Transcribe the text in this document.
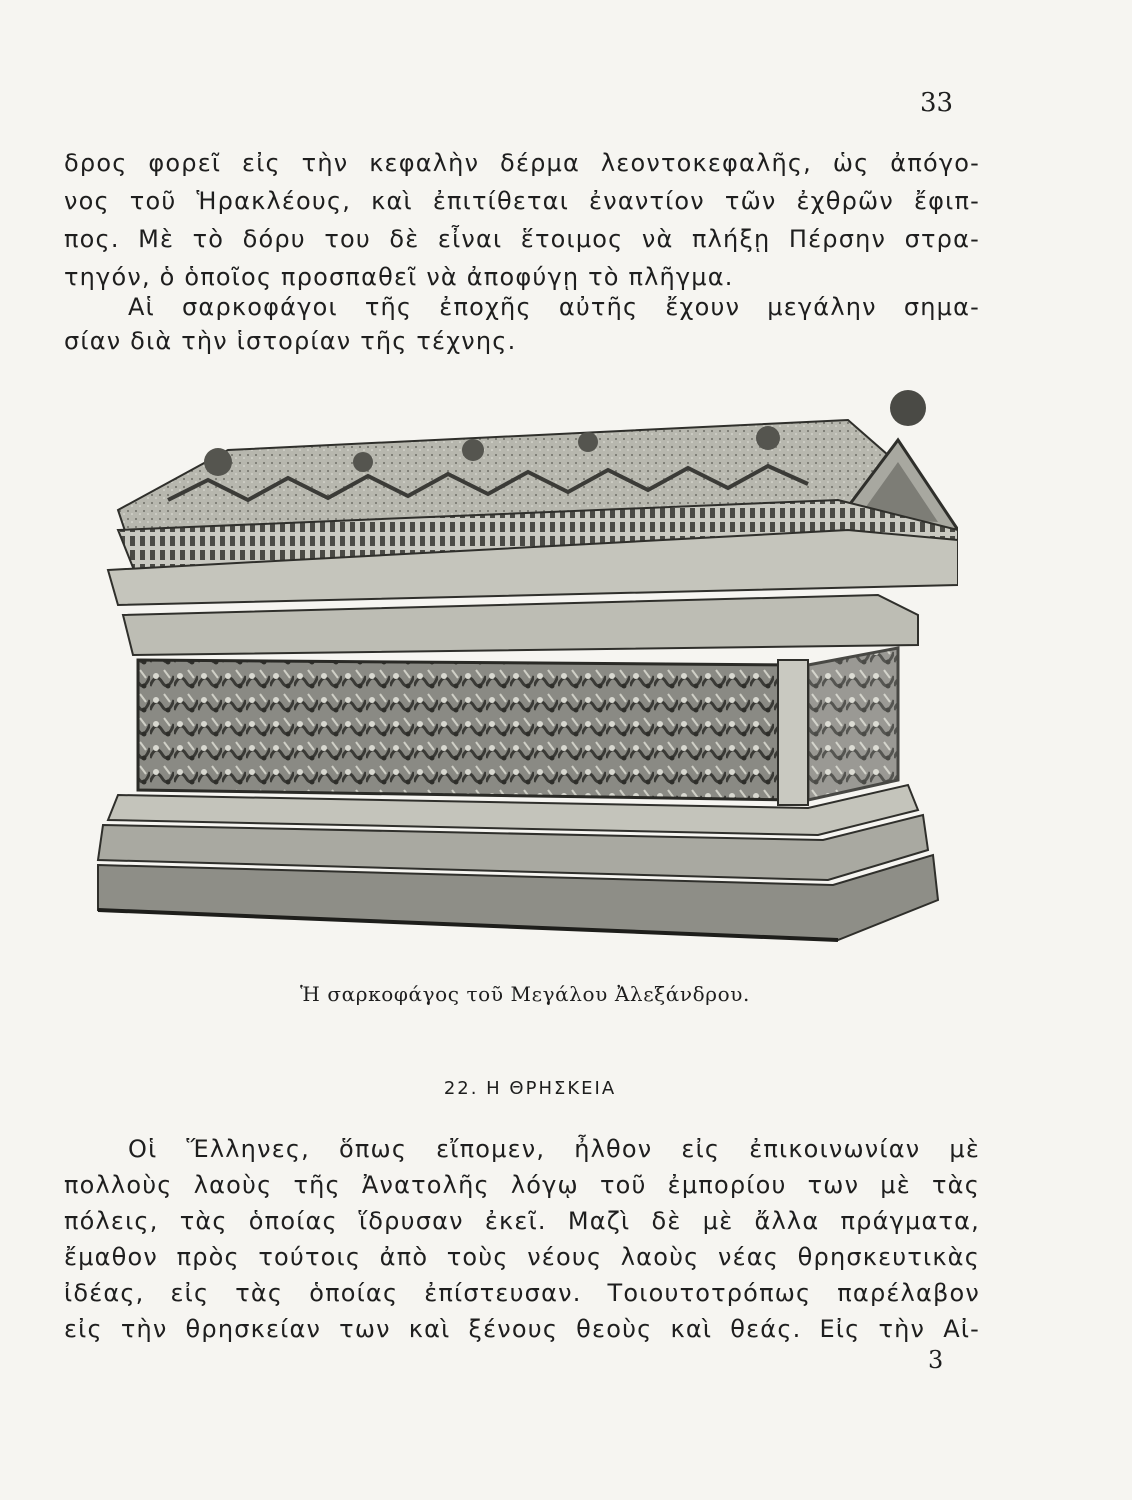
33
δρος φορεῖ εἰς τὴν κεφαλὴν δέρμα λεοντοκεφαλῆς, ὡς ἀπόγο-
νος τοῦ Ἡρακλέους, καὶ ἐπιτίθεται ἐναντίον τῶν ἐχθρῶν ἔφιπ-
πος. Μὲ τὸ δόρυ του δὲ εἶναι ἕτοιμος νὰ πλήξῃ Πέρσην στρα-
τηγόν, ὁ ὁποῖος προσπαθεῖ νὰ ἀποφύγῃ τὸ πλῆγμα.
Αἱ σαρκοφάγοι τῆς ἐποχῆς αὐτῆς ἔχουν μεγάλην σημα-
σίαν διὰ τὴν ἱστορίαν τῆς τέχνης.
Ἡ σαρκοφάγος τοῦ Μεγάλου Ἀλεξάνδρου.
22. Η ΘΡΗΣΚΕΙΑ
Οἱ Ἕλληνες, ὅπως εἴπομεν, ἦλθον εἰς ἐπικοινωνίαν μὲ
πολλοὺς λαοὺς τῆς Ἀνατολῆς λόγῳ τοῦ ἐμπορίου των μὲ τὰς
πόλεις, τὰς ὁποίας ἵδρυσαν ἐκεῖ. Μαζὶ δὲ μὲ ἄλλα πράγματα,
ἔμαθον πρὸς τούτοις ἀπὸ τοὺς νέους λαοὺς νέας θρησκευτικὰς
ἰδέας, εἰς τὰς ὁποίας ἐπίστευσαν. Τοιουτοτρόπως παρέλαβον
εἰς τὴν θρησκείαν των καὶ ξένους θεοὺς καὶ θεάς. Εἰς τὴν Αἰ-
3
